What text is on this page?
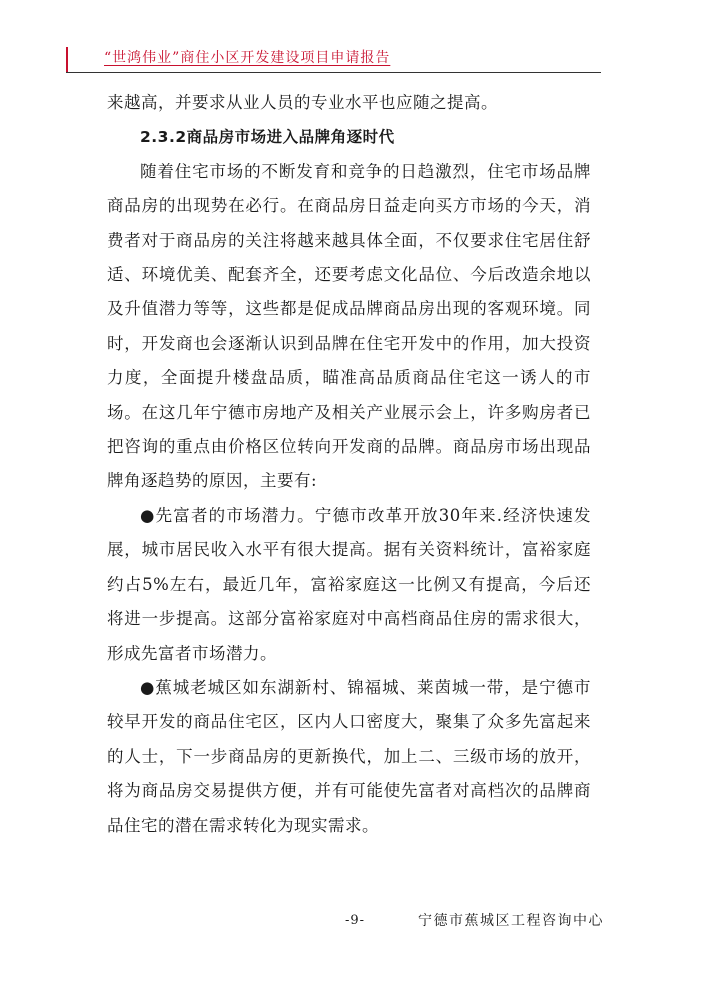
“世鸿伟业”商住小区开发建设项目申请报告

来越高，并要求从业人员的专业水平也应随之提高。

2.3.2商品房市场进入品牌角逐时代

随着住宅市场的不断发育和竞争的日趋激烈，住宅市场品牌商品房的出现势在必行。在商品房日益走向买方市场的今天，消费者对于商品房的关注将越来越具体全面，不仅要求住宅居住舒适、环境优美、配套齐全，还要考虑文化品位、今后改造余地以及升值潜力等等，这些都是促成品牌商品房出现的客观环境。同时，开发商也会逐渐认识到品牌在住宅开发中的作用，加大投资力度，全面提升楼盘品质，瞄准高品质商品住宅这一诱人的市场。在这几年宁德市房地产及相关产业展示会上，许多购房者已把咨询的重点由价格区位转向开发商的品牌。商品房市场出现品牌角逐趋势的原因，主要有:

●先富者的市场潜力。宁德市改革开放30年来.经济快速发展，城市居民收入水平有很大提高。据有关资料统计，富裕家庭约占5%左右，最近几年，富裕家庭这一比例又有提高，今后还将进一步提高。这部分富裕家庭对中高档商品住房的需求很大，形成先富者市场潜力。

●蕉城老城区如东湖新村、锦福城、莱茵城一带，是宁德市较早开发的商品住宅区，区内人口密度大，聚集了众多先富起来的人士，下一步商品房的更新换代，加上二、三级市场的放开，将为商品房交易提供方便，并有可能使先富者对高档次的品牌商品住宅的潜在需求转化为现实需求。

-9-	宁德市蕉城区工程咨询中心
